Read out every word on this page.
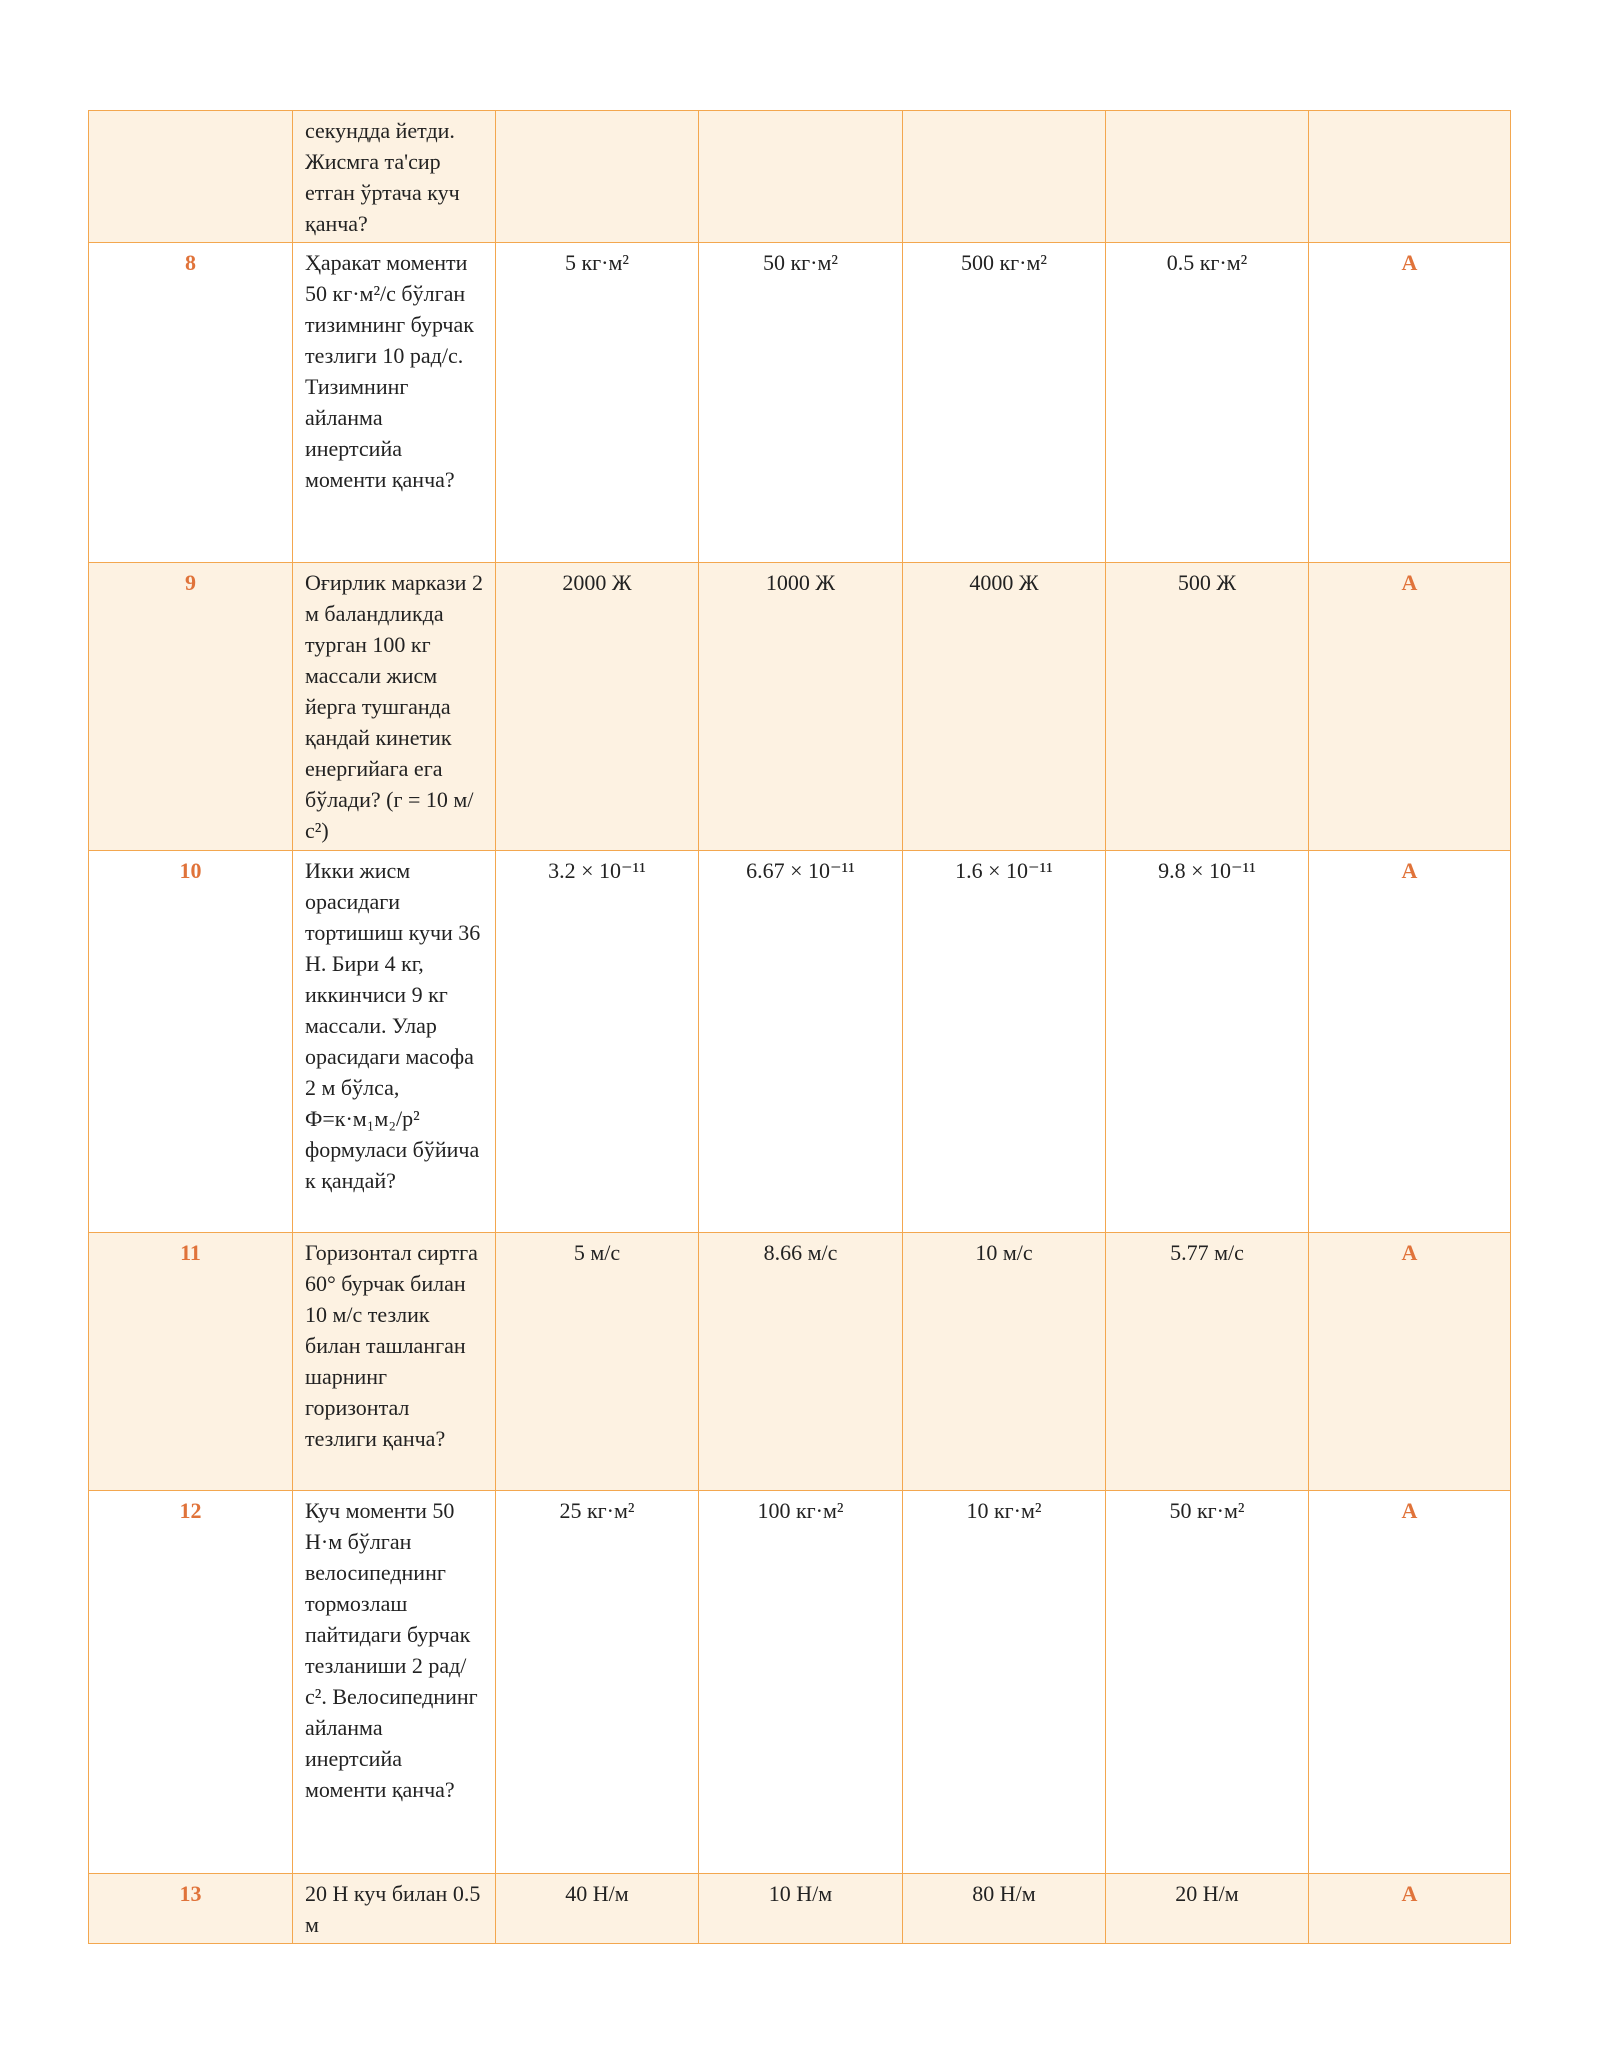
	секундда йетди. Жисмга та'сир етган ўртача куч қанча?					
8	Ҳаракат моменти 50 кг·м²/с бўлган тизимнинг бурчак тезлиги 10 рад/с. Тизимнинг айланма инертсийа моменти қанча?	5 кг·м²	50 кг·м²	500 кг·м²	0.5 кг·м²	A
9	Оғирлик маркази 2 м баландликда турган 100 кг массали жисм йерга тушганда қандай кинетик енергийага ега бўлади? (г = 10 м/с²)	2000 Ж	1000 Ж	4000 Ж	500 Ж	A
10	Икки жисм орасидаги тортишиш кучи 36 Н. Бири 4 кг, иккинчиси 9 кг массали. Улар орасидаги масофа 2 м бўлса, Ф=к·м₁м₂/р² формуласи бўйича к қандай?	3.2 × 10⁻¹¹	6.67 × 10⁻¹¹	1.6 × 10⁻¹¹	9.8 × 10⁻¹¹	A
11	Горизонтал сиртга 60° бурчак билан 10 м/с тезлик билан ташланган шарнинг горизонтал тезлиги қанча?	5 м/с	8.66 м/с	10 м/с	5.77 м/с	A
12	Куч моменти 50 Н·м бўлган велосипеднинг тормозлаш пайтидаги бурчак тезланиши 2 рад/с². Велосипеднинг айланма инертсийа моменти қанча?	25 кг·м²	100 кг·м²	10 кг·м²	50 кг·м²	A
13	20 Н куч билан 0.5 м	40 Н/м	10 Н/м	80 Н/м	20 Н/м	A
